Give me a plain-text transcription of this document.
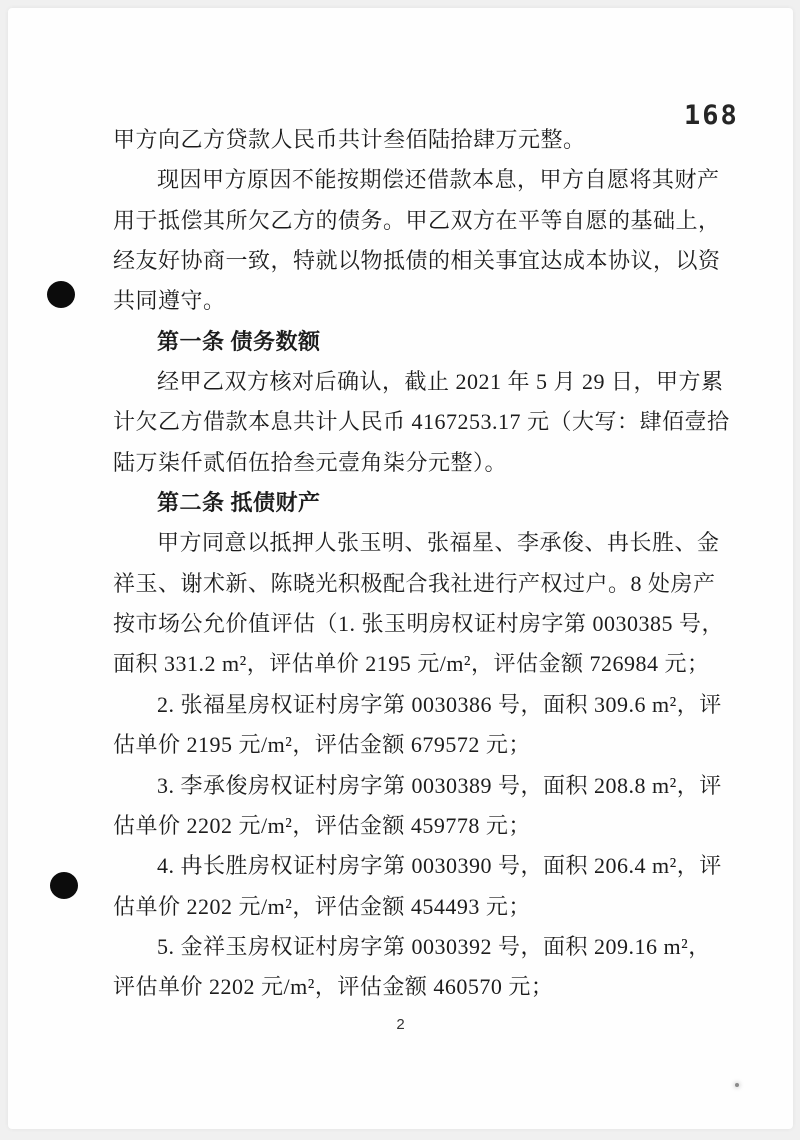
168
甲方向乙方贷款人民币共计叁佰陆拾肆万元整。
现因甲方原因不能按期偿还借款本息，甲方自愿将其财产
用于抵偿其所欠乙方的债务。甲乙双方在平等自愿的基础上，
经友好协商一致，特就以物抵债的相关事宜达成本协议，以资
共同遵守。
第一条 债务数额
经甲乙双方核对后确认，截止 2021 年 5 月 29 日，甲方累
计欠乙方借款本息共计人民币 4167253.17 元（大写：肆佰壹拾
陆万柒仟贰佰伍拾叁元壹角柒分元整）。
第二条 抵债财产
甲方同意以抵押人张玉明、张福星、李承俊、冉长胜、金
祥玉、谢术新、陈晓光积极配合我社进行产权过户。8 处房产
按市场公允价值评估（1. 张玉明房权证村房字第 0030385 号，
面积 331.2 m²，评估单价 2195 元/m²，评估金额 726984 元；
2. 张福星房权证村房字第 0030386 号，面积 309.6 m²，评
估单价 2195 元/m²，评估金额 679572 元；
3. 李承俊房权证村房字第 0030389 号，面积 208.8 m²，评
估单价 2202 元/m²，评估金额 459778 元；
4. 冉长胜房权证村房字第 0030390 号，面积 206.4 m²，评
估单价 2202 元/m²，评估金额 454493 元；
5. 金祥玉房权证村房字第 0030392 号，面积 209.16 m²，
评估单价 2202 元/m²，评估金额 460570 元；
2
